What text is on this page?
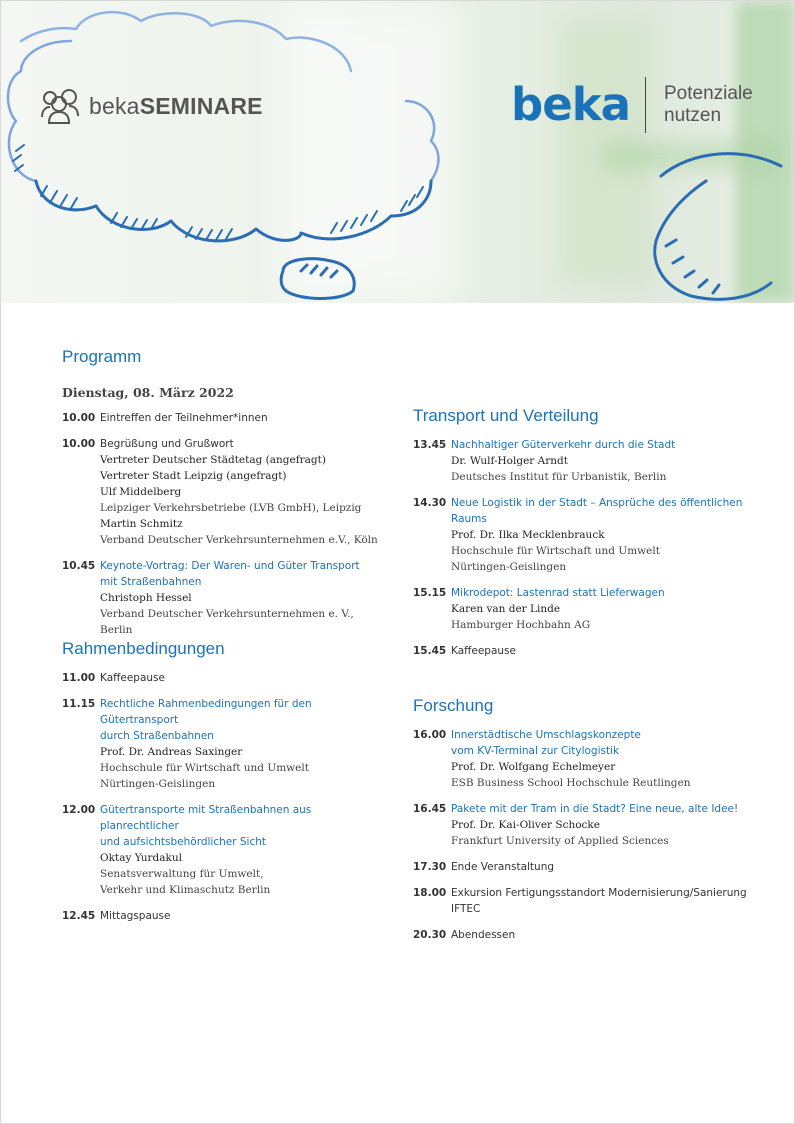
bekaSEMINARE	beka Potenziale
nutzen
Programm
Dienstag, 08. März 2022
10.00 Eintreffen der Teilnehmer*innen
10.00 Begrüßung und Grußwort
Vertreter Deutscher Städtetag (angefragt)
Vertreter Stadt Leipzig (angefragt)
Ulf Middelberg
Leipziger Verkehrsbetriebe (LVB GmbH), Leipzig
Martin Schmitz
Verband Deutscher Verkehrsunternehmen e.V., Köln
10.45 Keynote-Vortrag: Der Waren- und Güter Transport
mit Straßenbahnen
Christoph Hessel
Verband Deutscher Verkehrsunternehmen e. V., Berlin
Rahmenbedingungen
11.00 Kaffeepause
11.15 Rechtliche Rahmenbedingungen für den Gütertransport
durch Straßenbahnen
Prof. Dr. Andreas Saxinger
Hochschule für Wirtschaft und Umwelt
Nürtingen-Geislingen
12.00 Gütertransporte mit Straßenbahnen aus planrechtlicher
und aufsichtsbehördlicher Sicht
Oktay Yurdakul
Senatsverwaltung für Umwelt,
Verkehr und Klimaschutz Berlin
12.45 Mittagspause
Transport und Verteilung
13.45 Nachhaltiger Güterverkehr durch die Stadt
Dr. Wulf-Holger Arndt
Deutsches Institut für Urbanistik, Berlin
14.30 Neue Logistik in der Stadt – Ansprüche des öffentlichen Raums
Prof. Dr. Ilka Mecklenbrauck
Hochschule für Wirtschaft und Umwelt
Nürtingen-Geislingen
15.15 Mikrodepot: Lastenrad statt Lieferwagen
Karen van der Linde
Hamburger Hochbahn AG
15.45 Kaffeepause
Forschung
16.00 Innerstädtische Umschlagskonzepte
vom KV-Terminal zur Citylogistik
Prof. Dr. Wolfgang Echelmeyer
ESB Business School Hochschule Reutlingen
16.45 Pakete mit der Tram in die Stadt? Eine neue, alte Idee!
Prof. Dr. Kai-Oliver Schocke
Frankfurt University of Applied Sciences
17.30 Ende Veranstaltung
18.00 Exkursion Fertigungsstandort Modernisierung/Sanierung IFTEC
20.30 Abendessen
